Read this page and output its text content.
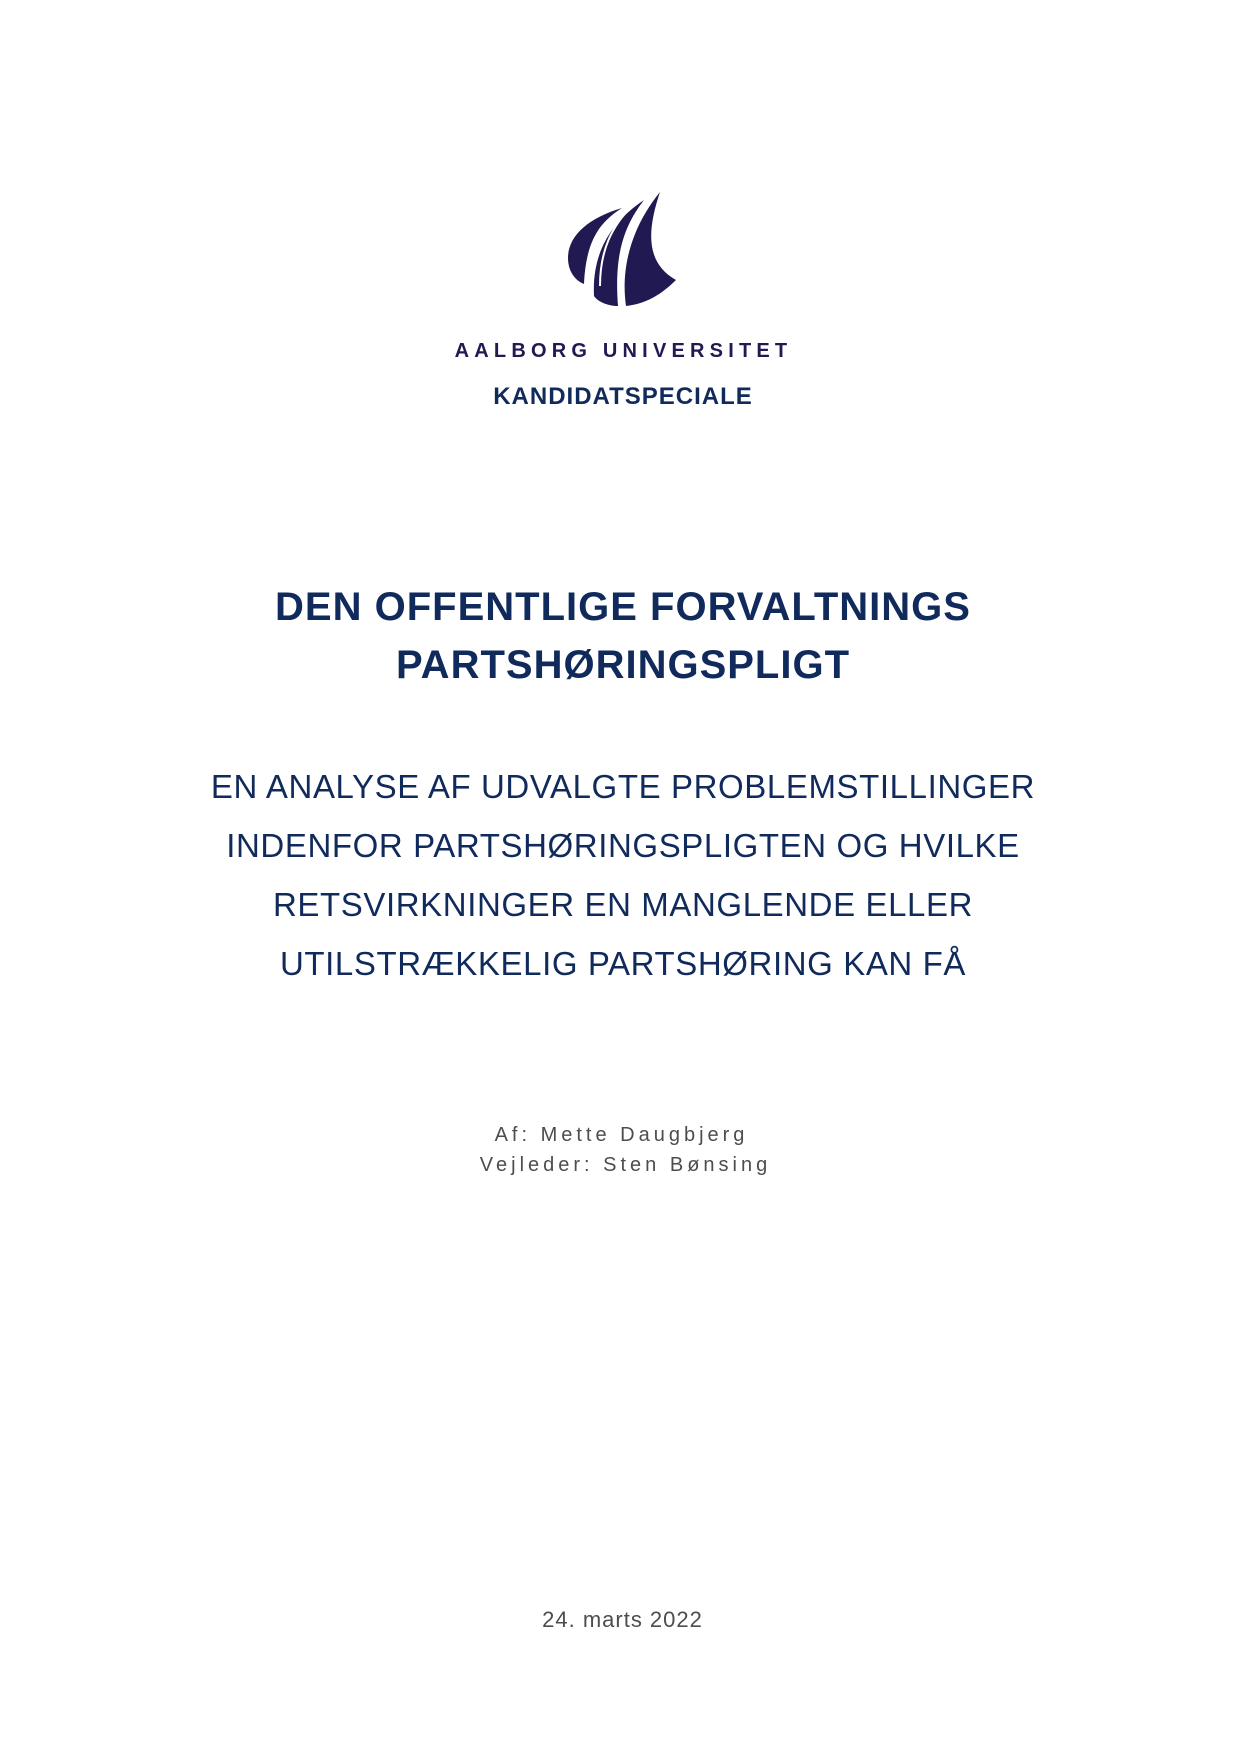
AALBORG UNIVERSITET
KANDIDATSPECIALE
DEN OFFENTLIGE FORVALTNINGS
PARTSHØRINGSPLIGT
EN ANALYSE AF UDVALGTE PROBLEMSTILLINGER
INDENFOR PARTSHØRINGSPLIGTEN OG HVILKE
RETSVIRKNINGER EN MANGLENDE ELLER
UTILSTRÆKKELIG PARTSHØRING KAN FÅ
Af: Mette Daugbjerg
Vejleder: Sten Bønsing
24. marts 2022
